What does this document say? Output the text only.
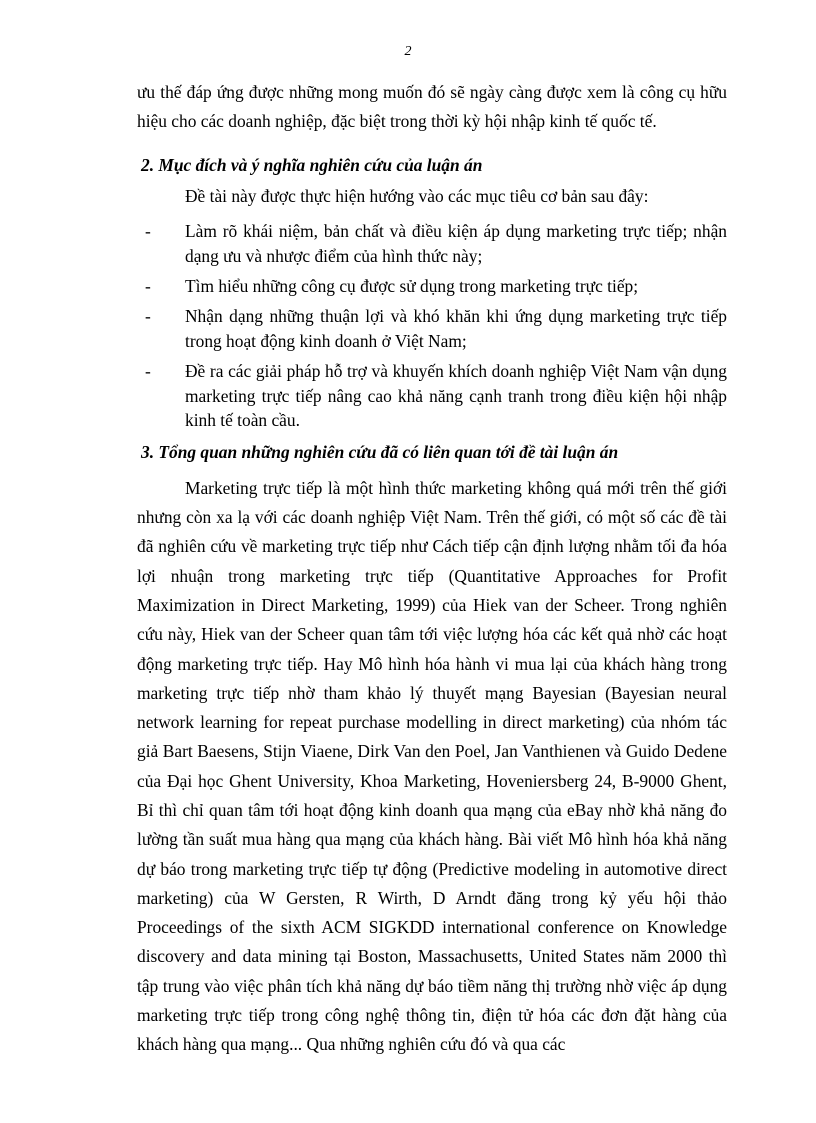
2

ưu thế đáp ứng được những mong muốn đó sẽ ngày càng được xem là công cụ hữu hiệu cho các doanh nghiệp, đặc biệt trong thời kỳ hội nhập kinh tế quốc tế.

2. Mục đích và ý nghĩa nghiên cứu của luận án

Đề tài này được thực hiện hướng vào các mục tiêu cơ bản sau đây:

- Làm rõ khái niệm, bản chất và điều kiện áp dụng marketing trực tiếp; nhận dạng ưu và nhược điểm của hình thức này;
- Tìm hiểu những công cụ được sử dụng trong marketing trực tiếp;
- Nhận dạng những thuận lợi và khó khăn khi ứng dụng marketing trực tiếp trong hoạt động kinh doanh ở Việt Nam;
- Đề ra các giải pháp hỗ trợ và khuyến khích doanh nghiệp Việt Nam vận dụng marketing trực tiếp nâng cao khả năng cạnh tranh trong điều kiện hội nhập kinh tế toàn cầu.
3. Tổng quan những nghiên cứu đã có liên quan tới đề tài luận án

Marketing trực tiếp là một hình thức marketing không quá mới trên thế giới nhưng còn xa lạ với các doanh nghiệp Việt Nam. Trên thế giới, có một số các đề tài đã nghiên cứu về marketing trực tiếp như Cách tiếp cận định lượng nhằm tối đa hóa lợi nhuận trong marketing trực tiếp (Quantitative Approaches for Profit Maximization in Direct Marketing, 1999) của Hiek van der Scheer. Trong nghiên cứu này, Hiek van der Scheer quan tâm tới việc lượng hóa các kết quả nhờ các hoạt động marketing trực tiếp. Hay Mô hình hóa hành vi mua lại của khách hàng trong marketing trực tiếp nhờ tham khảo lý thuyết mạng Bayesian (Bayesian neural network learning for repeat purchase modelling in direct marketing) của nhóm tác giả Bart Baesens, Stijn Viaene, Dirk Van den Poel, Jan Vanthienen và Guido Dedene của Đại học Ghent University, Khoa Marketing, Hoveniersberg 24, B-9000 Ghent, Bỉ thì chỉ quan tâm tới hoạt động kinh doanh qua mạng của eBay nhờ khả năng đo lường tần suất mua hàng qua mạng của khách hàng. Bài viết Mô hình hóa khả năng dự báo trong marketing trực tiếp tự động (Predictive modeling in automotive direct marketing) của W Gersten, R Wirth, D Arndt đăng trong kỷ yếu hội thảo Proceedings of the sixth ACM SIGKDD international conference on Knowledge discovery and data mining tại Boston, Massachusetts, United States năm 2000 thì tập trung vào việc phân tích khả năng dự báo tiềm năng thị trường nhờ việc áp dụng marketing trực tiếp trong công nghệ thông tin, điện tử hóa các đơn đặt hàng của khách hàng qua mạng... Qua những nghiên cứu đó và qua các
